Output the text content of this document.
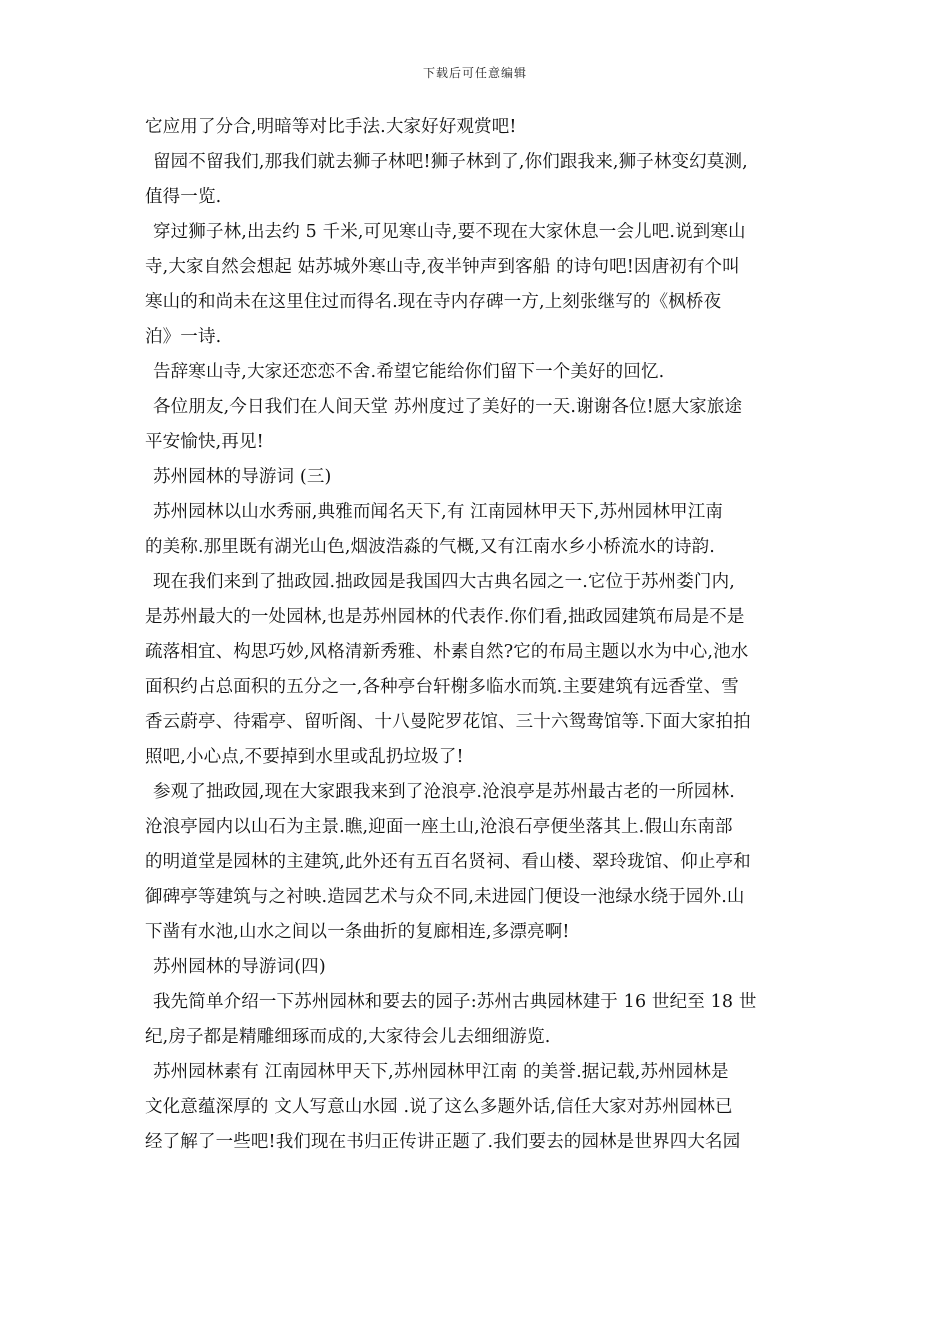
下载后可任意编辑
它应用了分合,明暗等对比手法.大家好好观赏吧!
留园不留我们,那我们就去狮子林吧!狮子林到了,你们跟我来,狮子林变幻莫测,
值得一览.
穿过狮子林,出去约 5 千米,可见寒山寺,要不现在大家休息一会儿吧.说到寒山
寺,大家自然会想起 姑苏城外寒山寺,夜半钟声到客船 的诗句吧!因唐初有个叫
寒山的和尚未在这里住过而得名.现在寺内存碑一方,上刻张继写的《枫桥夜
泊》一诗.
告辞寒山寺,大家还恋恋不舍.希望它能给你们留下一个美好的回忆.
各位朋友,今日我们在人间天堂 苏州度过了美好的一天.谢谢各位!愿大家旅途
平安愉快,再见!
苏州园林的导游词 (三)
苏州园林以山水秀丽,典雅而闻名天下,有 江南园林甲天下,苏州园林甲江南
的美称.那里既有湖光山色,烟波浩淼的气概,又有江南水乡小桥流水的诗韵.
现在我们来到了拙政园.拙政园是我国四大古典名园之一.它位于苏州娄门内,
是苏州最大的一处园林,也是苏州园林的代表作.你们看,拙政园建筑布局是不是
疏落相宜、构思巧妙,风格清新秀雅、朴素自然?它的布局主题以水为中心,池水
面积约占总面积的五分之一,各种亭台轩榭多临水而筑.主要建筑有远香堂、雪
香云蔚亭、待霜亭、留听阁、十八曼陀罗花馆、三十六鸳鸯馆等.下面大家拍拍
照吧,小心点,不要掉到水里或乱扔垃圾了!
参观了拙政园,现在大家跟我来到了沧浪亭.沧浪亭是苏州最古老的一所园林.
沧浪亭园内以山石为主景.瞧,迎面一座土山,沧浪石亭便坐落其上.假山东南部
的明道堂是园林的主建筑,此外还有五百名贤祠、看山楼、翠玲珑馆、仰止亭和
御碑亭等建筑与之衬映.造园艺术与众不同,未进园门便设一池绿水绕于园外.山
下凿有水池,山水之间以一条曲折的复廊相连,多漂亮啊!
苏州园林的导游词(四)
我先简单介绍一下苏州园林和要去的园子:苏州古典园林建于 16 世纪至 18 世
纪,房子都是精雕细琢而成的,大家待会儿去细细游览.
苏州园林素有 江南园林甲天下,苏州园林甲江南 的美誉.据记载,苏州园林是
文化意蕴深厚的 文人写意山水园 .说了这么多题外话,信任大家对苏州园林已
经了解了一些吧!我们现在书归正传讲正题了.我们要去的园林是世界四大名园
